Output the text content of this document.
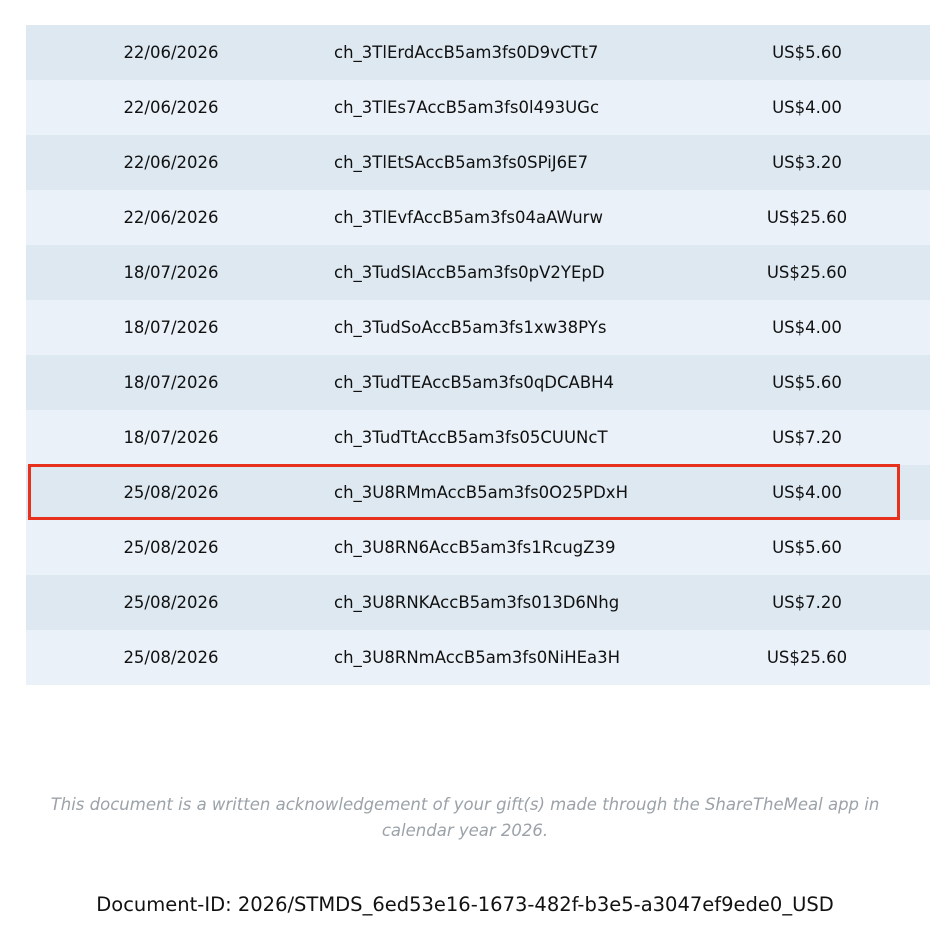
22/06/2026	ch_3TlErdAccB5am3fs0D9vCTt7	US$5.60
22/06/2026	ch_3TlEs7AccB5am3fs0l493UGc	US$4.00
22/06/2026	ch_3TlEtSAccB5am3fs0SPiJ6E7	US$3.20
22/06/2026	ch_3TlEvfAccB5am3fs04aAWurw	US$25.60
18/07/2026	ch_3TudSIAccB5am3fs0pV2YEpD	US$25.60
18/07/2026	ch_3TudSoAccB5am3fs1xw38PYs	US$4.00
18/07/2026	ch_3TudTEAccB5am3fs0qDCABH4	US$5.60
18/07/2026	ch_3TudTtAccB5am3fs05CUUNcT	US$7.20
25/08/2026	ch_3U8RMmAccB5am3fs0O25PDxH	US$4.00
25/08/2026	ch_3U8RN6AccB5am3fs1RcugZ39	US$5.60
25/08/2026	ch_3U8RNKAccB5am3fs013D6Nhg	US$7.20
25/08/2026	ch_3U8RNmAccB5am3fs0NiHEa3H	US$25.60
This document is a written acknowledgement of your gift(s) made through the ShareTheMeal app in calendar year 2026.
Document-ID: 2026/STMDS_6ed53e16-1673-482f-b3e5-a3047ef9ede0_USD
